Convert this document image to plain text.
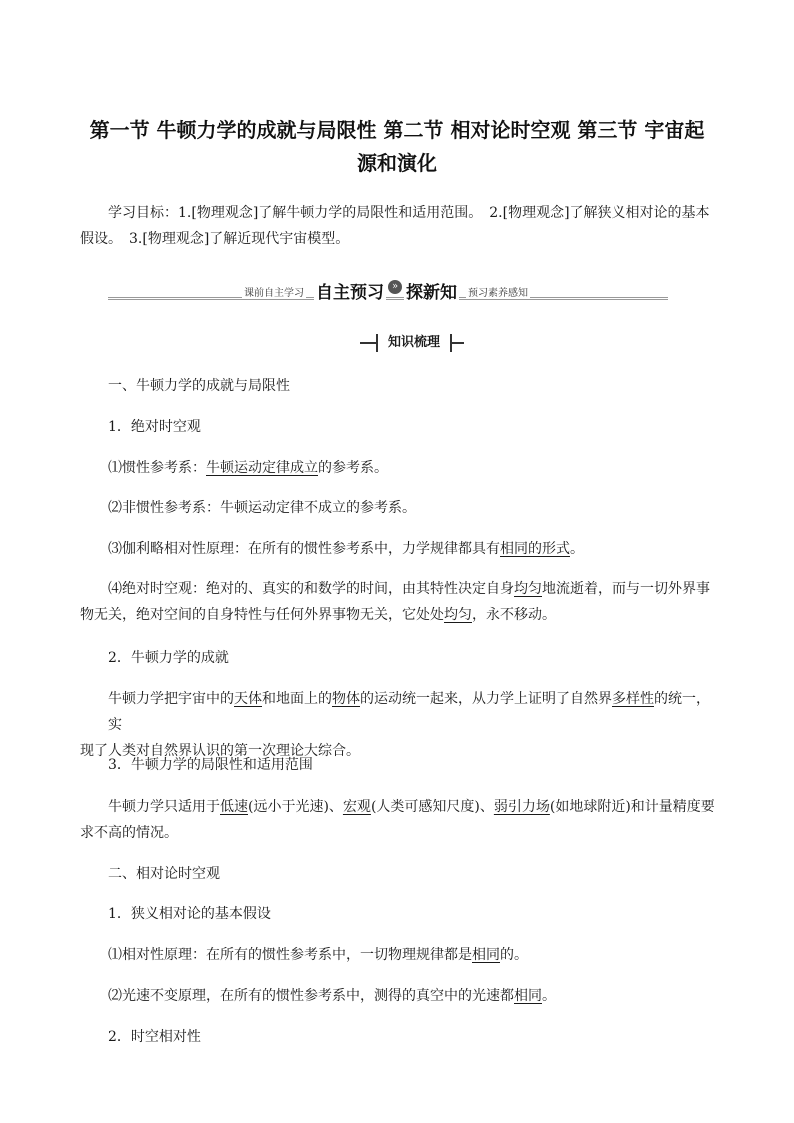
第一节 牛顿力学的成就与局限性 第二节 相对论时空观 第三节 宇宙起
源和演化
学习目标：1.[物理观念]了解牛顿力学的局限性和适用范围。　2.[物理观念]了解狭义相对论的基本
假设。　3.[物理观念]了解近现代宇宙模型。
课前自主学习 自主预习 » 探新知 预习素养感知
知识梳理
一、牛顿力学的成就与局限性
1．绝对时空观
⑴惯性参考系：牛顿运动定律成立的参考系。
⑵非惯性参考系：牛顿运动定律不成立的参考系。
⑶伽利略相对性原理：在所有的惯性参考系中，力学规律都具有相同的形式。
⑷绝对时空观：绝对的、真实的和数学的时间，由其特性决定自身均匀地流逝着，而与一切外界事
物无关，绝对空间的自身特性与任何外界事物无关，它处处均匀，永不移动。
2．牛顿力学的成就
牛顿力学把宇宙中的天体和地面上的物体的运动统一起来，从力学上证明了自然界多样性的统一，实
现了人类对自然界认识的第一次理论大综合。
3．牛顿力学的局限性和适用范围
牛顿力学只适用于低速(远小于光速)、宏观(人类可感知尺度)、弱引力场(如地球附近)和计量精度要
求不高的情况。
二、相对论时空观
1．狭义相对论的基本假设
⑴相对性原理：在所有的惯性参考系中，一切物理规律都是相同的。
⑵光速不变原理，在所有的惯性参考系中，测得的真空中的光速都相同。
2．时空相对性
